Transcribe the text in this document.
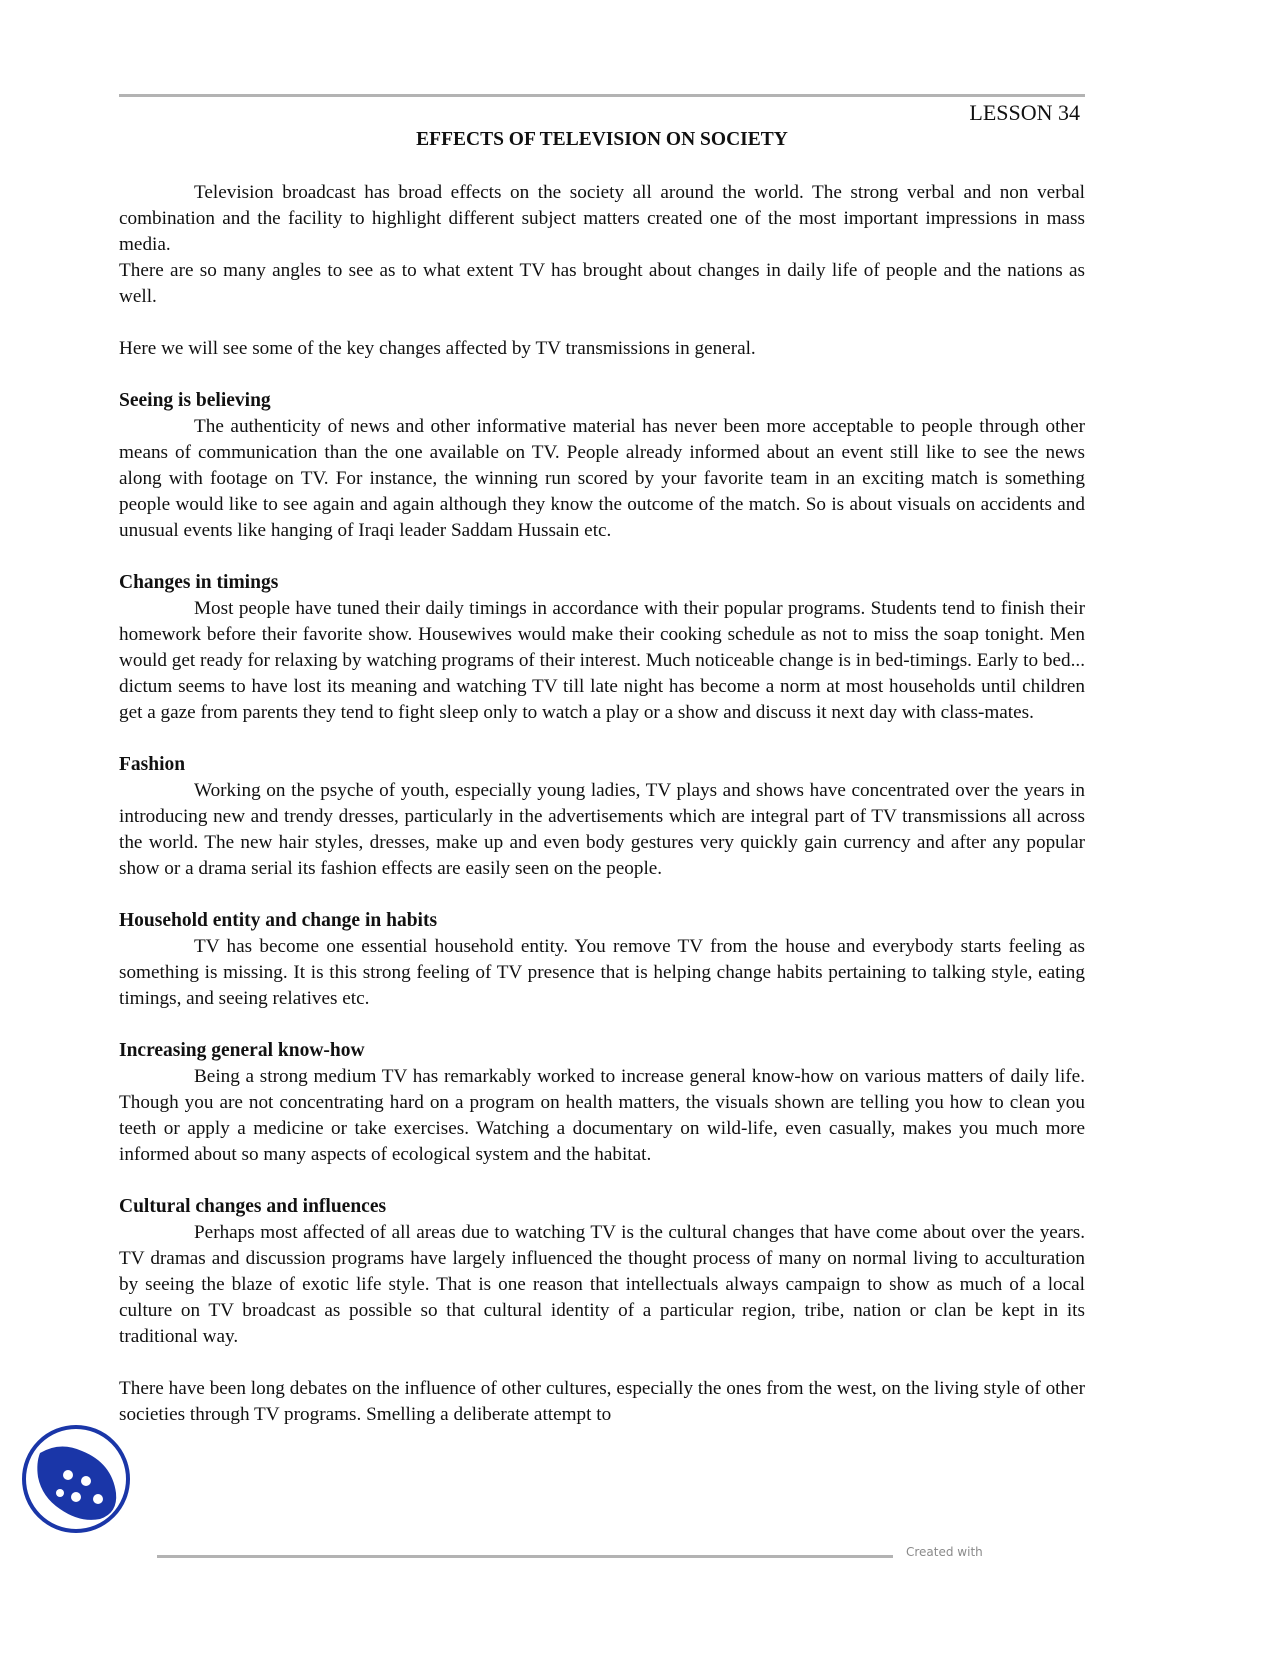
LESSON 34
EFFECTS OF TELEVISION ON SOCIETY

Television broadcast has broad effects on the society all around the world. The strong verbal and non verbal combination and the facility to highlight different subject matters created one of the most important impressions in mass media.

There are so many angles to see as to what extent TV has brought about changes in daily life of people and the nations as well.

Here we will see some of the key changes affected by TV transmissions in general.

Seeing is believing

The authenticity of news and other informative material has never been more acceptable to people through other means of communication than the one available on TV. People already informed about an event still like to see the news along with footage on TV. For instance, the winning run scored by your favorite team in an exciting match is something people would like to see again and again although they know the outcome of the match. So is about visuals on accidents and unusual events like hanging of Iraqi leader Saddam Hussain etc.

Changes in timings

Most people have tuned their daily timings in accordance with their popular programs. Students tend to finish their homework before their favorite show. Housewives would make their cooking schedule as not to miss the soap tonight. Men would get ready for relaxing by watching programs of their interest. Much noticeable change is in bed-timings. Early to bed... dictum seems to have lost its meaning and watching TV till late night has become a norm at most households until children get a gaze from parents they tend to fight sleep only to watch a play or a show and discuss it next day with class-mates.

Fashion

Working on the psyche of youth, especially young ladies, TV plays and shows have concentrated over the years in introducing new and trendy dresses, particularly in the advertisements which are integral part of TV transmissions all across the world. The new hair styles, dresses, make up and even body gestures very quickly gain currency and after any popular show or a drama serial its fashion effects are easily seen on the people.

Household entity and change in habits

TV has become one essential household entity. You remove TV from the house and everybody starts feeling as something is missing. It is this strong feeling of TV presence that is helping change habits pertaining to talking style, eating timings, and seeing relatives etc.

Increasing general know-how

Being a strong medium TV has remarkably worked to increase general know-how on various matters of daily life. Though you are not concentrating hard on a program on health matters, the visuals shown are telling you how to clean you teeth or apply a medicine or take exercises. Watching a documentary on wild-life, even casually, makes you much more informed about so many aspects of ecological system and the habitat.

Cultural changes and influences

Perhaps most affected of all areas due to watching TV is the cultural changes that have come about over the years. TV dramas and discussion programs have largely influenced the thought process of many on normal living to acculturation by seeing the blaze of exotic life style. That is one reason that intellectuals always campaign to show as much of a local culture on TV broadcast as possible so that cultural identity of a particular region, tribe, nation or clan be kept in its traditional way.

There have been long debates on the influence of other cultures, especially the ones from the west, on the living style of other societies through TV programs. Smelling a deliberate attempt to

Created with
